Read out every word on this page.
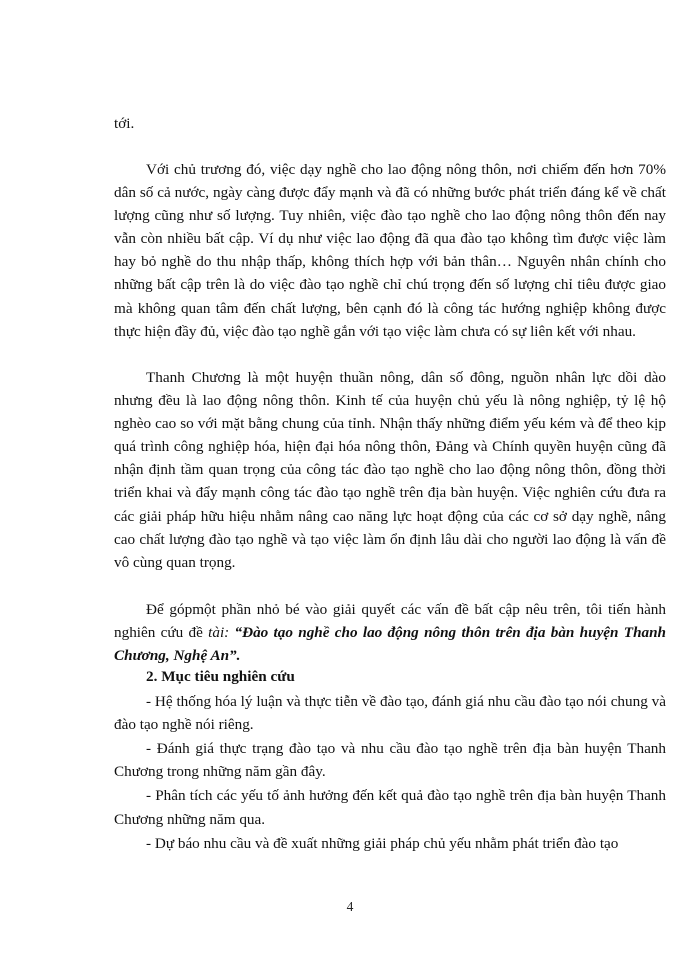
tới.

Với chủ trương đó, việc dạy nghề cho lao động nông thôn, nơi chiếm đến hơn 70% dân số cả nước, ngày càng được đẩy mạnh và đã có những bước phát triển đáng kể về chất lượng cũng như số lượng. Tuy nhiên, việc đào tạo nghề cho lao động nông thôn đến nay vẫn còn nhiều bất cập. Ví dụ như việc lao động đã qua đào tạo không tìm được việc làm hay bỏ nghề do thu nhập thấp, không thích hợp với bản thân… Nguyên nhân chính cho những bất cập trên là do việc đào tạo nghề chỉ chú trọng đến số lượng chỉ tiêu được giao mà không quan tâm đến chất lượng, bên cạnh đó là công tác hướng nghiệp không được thực hiện đầy đủ, việc đào tạo nghề gắn với tạo việc làm chưa có sự liên kết với nhau.

Thanh Chương là một huyện thuần nông, dân số đông, nguồn nhân lực dồi dào nhưng đều là lao động nông thôn. Kinh tế của huyện chủ yếu là nông nghiệp, tỷ lệ hộ nghèo cao so với mặt bằng chung của tỉnh. Nhận thấy những điểm yếu kém và để theo kịp quá trình công nghiệp hóa, hiện đại hóa nông thôn, Đảng và Chính quyền huyện cũng đã nhận định tầm quan trọng của công tác đào tạo nghề cho lao động nông thôn, đồng thời triển khai và đẩy mạnh công tác đào tạo nghề trên địa bàn huyện. Việc nghiên cứu đưa ra các giải pháp hữu hiệu nhằm nâng cao năng lực hoạt động của các cơ sở dạy nghề, nâng cao chất lượng đào tạo nghề và tạo việc làm ổn định lâu dài cho người lao động là vấn đề vô cùng quan trọng.

Để gópmột phần nhỏ bé vào giải quyết các vấn đề bất cập nêu trên, tôi tiến hành nghiên cứu đề tài: “Đào tạo nghề cho lao động nông thôn trên địa bàn huyện Thanh Chương, Nghệ An”.

2. Mục tiêu nghiên cứu

- Hệ thống hóa lý luận và thực tiễn về đào tạo, đánh giá nhu cầu đào tạo nói chung và đào tạo nghề nói riêng.

- Đánh giá thực trạng đào tạo và nhu cầu đào tạo nghề trên địa bàn huyện Thanh Chương trong những năm gần đây.

- Phân tích các yếu tố ảnh hưởng đến kết quả đào tạo nghề trên địa bàn huyện Thanh Chương những năm qua.

- Dự báo nhu cầu và đề xuất những giải pháp chủ yếu nhằm phát triển đào tạo

4
